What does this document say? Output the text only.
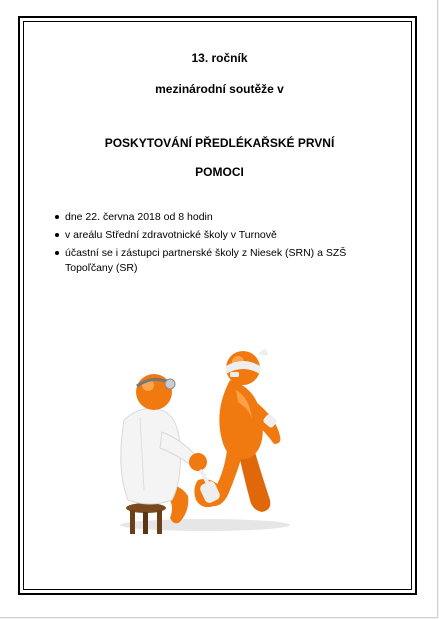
13. ročník

mezinárodní soutěže v

POSKYTOVÁNÍ PŘEDLÉKAŘSKÉ PRVNÍ

POMOCI

dne 22. června 2018 od 8 hodin
v areálu Střední zdravotnické školy v Turnově
účastní se i zástupci partnerské školy z Niesek (SRN) a SZŠ Topoľčany (SR)
